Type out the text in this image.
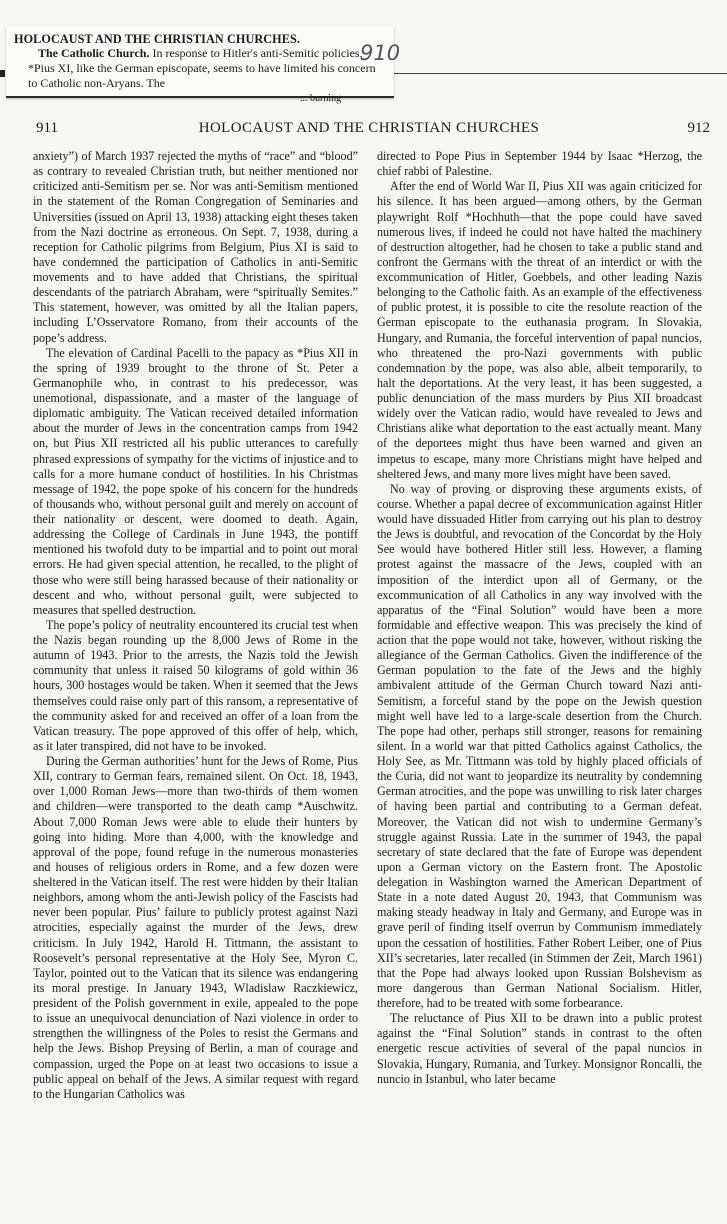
HOLOCAUST AND THE CHRISTIAN CHURCHES.

The Catholic Church. In response to Hitler's anti-Semitic policies, *Pius XI, like the German episcopate, seems to have limited his concern to Catholic non-Aryans. The
... burning

910
911	HOLOCAUST AND THE CHRISTIAN CHURCHES	912

anxiety”) of March 1937 rejected the myths of “race” and “blood” as contrary to revealed Christian truth, but neither mentioned nor criticized anti-Semitism per se. Nor was anti-Semitism mentioned in the statement of the Roman Congregation of Seminaries and Universities (issued on April 13, 1938) attacking eight theses taken from the Nazi doctrine as erroneous. On Sept. 7, 1938, during a reception for Catholic pilgrims from Belgium, Pius XI is said to have condemned the participation of Catholics in anti-Semitic movements and to have added that Christians, the spiritual descendants of the patriarch Abraham, were “spiritually Semites.” This statement, however, was omitted by all the Italian papers, including L’Osservatore Romano, from their accounts of the pope’s address.

The elevation of Cardinal Pacelli to the papacy as *Pius XII in the spring of 1939 brought to the throne of St. Peter a Germanophile who, in contrast to his predecessor, was unemotional, dispassionate, and a master of the language of diplomatic ambiguity. The Vatican received detailed information about the murder of Jews in the concentration camps from 1942 on, but Pius XII restricted all his public utterances to carefully phrased expressions of sympathy for the victims of injustice and to calls for a more humane conduct of hostilities. In his Christmas message of 1942, the pope spoke of his concern for the hundreds of thousands who, without personal guilt and merely on account of their nationality or descent, were doomed to death. Again, addressing the College of Cardinals in June 1943, the pontiff mentioned his twofold duty to be impartial and to point out moral errors. He had given special attention, he recalled, to the plight of those who were still being harassed because of their nationality or descent and who, without personal guilt, were subjected to measures that spelled destruction.

The pope’s policy of neutrality encountered its crucial test when the Nazis began rounding up the 8,000 Jews of Rome in the autumn of 1943. Prior to the arrests, the Nazis told the Jewish community that unless it raised 50 kilograms of gold within 36 hours, 300 hostages would be taken. When it seemed that the Jews themselves could raise only part of this ransom, a representative of the community asked for and received an offer of a loan from the Vatican treasury. The pope approved of this offer of help, which, as it later transpired, did not have to be invoked.

During the German authorities’ hunt for the Jews of Rome, Pius XII, contrary to German fears, remained silent. On Oct. 18, 1943, over 1,000 Roman Jews—more than two-thirds of them women and children—were transported to the death camp *Auschwitz. About 7,000 Roman Jews were able to elude their hunters by going into hiding. More than 4,000, with the knowledge and approval of the pope, found refuge in the numerous monasteries and houses of religious orders in Rome, and a few dozen were sheltered in the Vatican itself. The rest were hidden by their Italian neighbors, among whom the anti-Jewish policy of the Fascists had never been popular. Pius’ failure to publicly protest against Nazi atrocities, especially against the murder of the Jews, drew criticism. In July 1942, Harold H. Tittmann, the assistant to Roosevelt’s personal representative at the Holy See, Myron C. Taylor, pointed out to the Vatican that its silence was endangering its moral prestige. In January 1943, Wladislaw Raczkiewicz, president of the Polish government in exile, appealed to the pope to issue an unequivocal denunciation of Nazi violence in order to strengthen the willingness of the Poles to resist the Germans and help the Jews. Bishop Preysing of Berlin, a man of courage and compassion, urged the Pope on at least two occasions to issue a public appeal on behalf of the Jews. A similar request with regard to the Hungarian Catholics was

directed to Pope Pius in September 1944 by Isaac *Herzog, the chief rabbi of Palestine.

After the end of World War II, Pius XII was again criticized for his silence. It has been argued—among others, by the German playwright Rolf *Hochhuth—that the pope could have saved numerous lives, if indeed he could not have halted the machinery of destruction altogether, had he chosen to take a public stand and confront the Germans with the threat of an interdict or with the excommunication of Hitler, Goebbels, and other leading Nazis belonging to the Catholic faith. As an example of the effectiveness of public protest, it is possible to cite the resolute reaction of the German episcopate to the euthanasia program. In Slovakia, Hungary, and Rumania, the forceful intervention of papal nuncios, who threatened the pro-Nazi governments with public condemnation by the pope, was also able, albeit temporarily, to halt the deportations. At the very least, it has been suggested, a public denunciation of the mass murders by Pius XII broadcast widely over the Vatican radio, would have revealed to Jews and Christians alike what deportation to the east actually meant. Many of the deportees might thus have been warned and given an impetus to escape, many more Christians might have helped and sheltered Jews, and many more lives might have been saved.

No way of proving or disproving these arguments exists, of course. Whether a papal decree of excommunication against Hitler would have dissuaded Hitler from carrying out his plan to destroy the Jews is doubtful, and revocation of the Concordat by the Holy See would have bothered Hitler still less. However, a flaming protest against the massacre of the Jews, coupled with an imposition of the interdict upon all of Germany, or the excommunication of all Catholics in any way involved with the apparatus of the “Final Solution” would have been a more formidable and effective weapon. This was precisely the kind of action that the pope would not take, however, without risking the allegiance of the German Catholics. Given the indifference of the German population to the fate of the Jews and the highly ambivalent attitude of the German Church toward Nazi anti-Semitism, a forceful stand by the pope on the Jewish question might well have led to a large-scale desertion from the Church. The pope had other, perhaps still stronger, reasons for remaining silent. In a world war that pitted Catholics against Catholics, the Holy See, as Mr. Tittmann was told by highly placed officials of the Curia, did not want to jeopardize its neutrality by condemning German atrocities, and the pope was unwilling to risk later charges of having been partial and contributing to a German defeat. Moreover, the Vatican did not wish to undermine Germany’s struggle against Russia. Late in the summer of 1943, the papal secretary of state declared that the fate of Europe was dependent upon a German victory on the Eastern front. The Apostolic delegation in Washington warned the American Department of State in a note dated August 20, 1943, that Communism was making steady headway in Italy and Germany, and Europe was in grave peril of finding itself overrun by Communism immediately upon the cessation of hostilities. Father Robert Leiber, one of Pius XII’s secretaries, later recalled (in Stimmen der Zeit, March 1961) that the Pope had always looked upon Russian Bolshevism as more dangerous than German National Socialism. Hitler, therefore, had to be treated with some forbearance.

The reluctance of Pius XII to be drawn into a public protest against the “Final Solution” stands in contrast to the often energetic rescue activities of several of the papal nuncios in Slovakia, Hungary, Rumania, and Turkey. Monsignor Roncalli, the nuncio in Istanbul, who later became
